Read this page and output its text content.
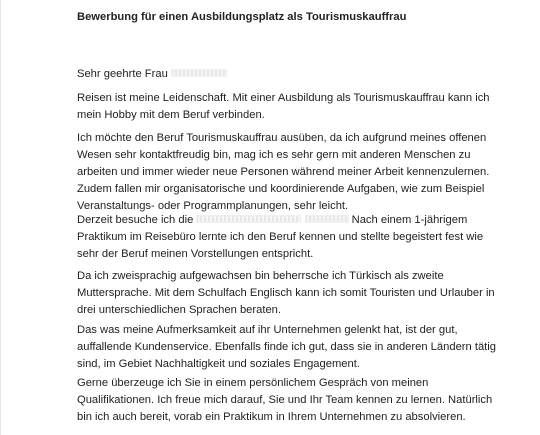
Bewerbung für einen Ausbildungsplatz als Tourismuskauffrau
Sehr geehrte Frau
Reisen ist meine Leidenschaft. Mit einer Ausbildung als Tourismuskauffrau kann ich
mein Hobby mit dem Beruf verbinden.
Ich möchte den Beruf Tourismuskauffrau ausüben, da ich aufgrund meines offenen
Wesen sehr kontaktfreudig bin, mag ich es sehr gern mit anderen Menschen zu
arbeiten und immer wieder neue Personen während meiner Arbeit kennenzulernen.
Zudem fallen mir organisatorische und koordinierende Aufgaben, wie zum Beispiel
Veranstaltungs- oder Programmplanungen, sehr leicht.
Derzeit besuche ich die	Nach einem 1-jährigem
Praktikum im Reisebüro lernte ich den Beruf kennen und stellte begeistert fest wie
sehr der Beruf meinen Vorstellungen entspricht.
Da ich zweisprachig aufgewachsen bin beherrsche ich Türkisch als zweite
Muttersprache. Mit dem Schulfach Englisch kann ich somit Touristen und Urlauber in
drei unterschiedlichen Sprachen beraten.
Das was meine Aufmerksamkeit auf ihr Unternehmen gelenkt hat, ist der gut,
auffallende Kundenservice. Ebenfalls finde ich gut, dass sie in anderen Ländern tätig
sind, im Gebiet Nachhaltigkeit und soziales Engagement.
Gerne überzeuge ich Sie in einem persönlichem Gespräch von meinen
Qualifikationen. Ich freue mich darauf, Sie und Ihr Team kennen zu lernen. Natürlich
bin ich auch bereit, vorab ein Praktikum in Ihrem Unternehmen zu absolvieren.
